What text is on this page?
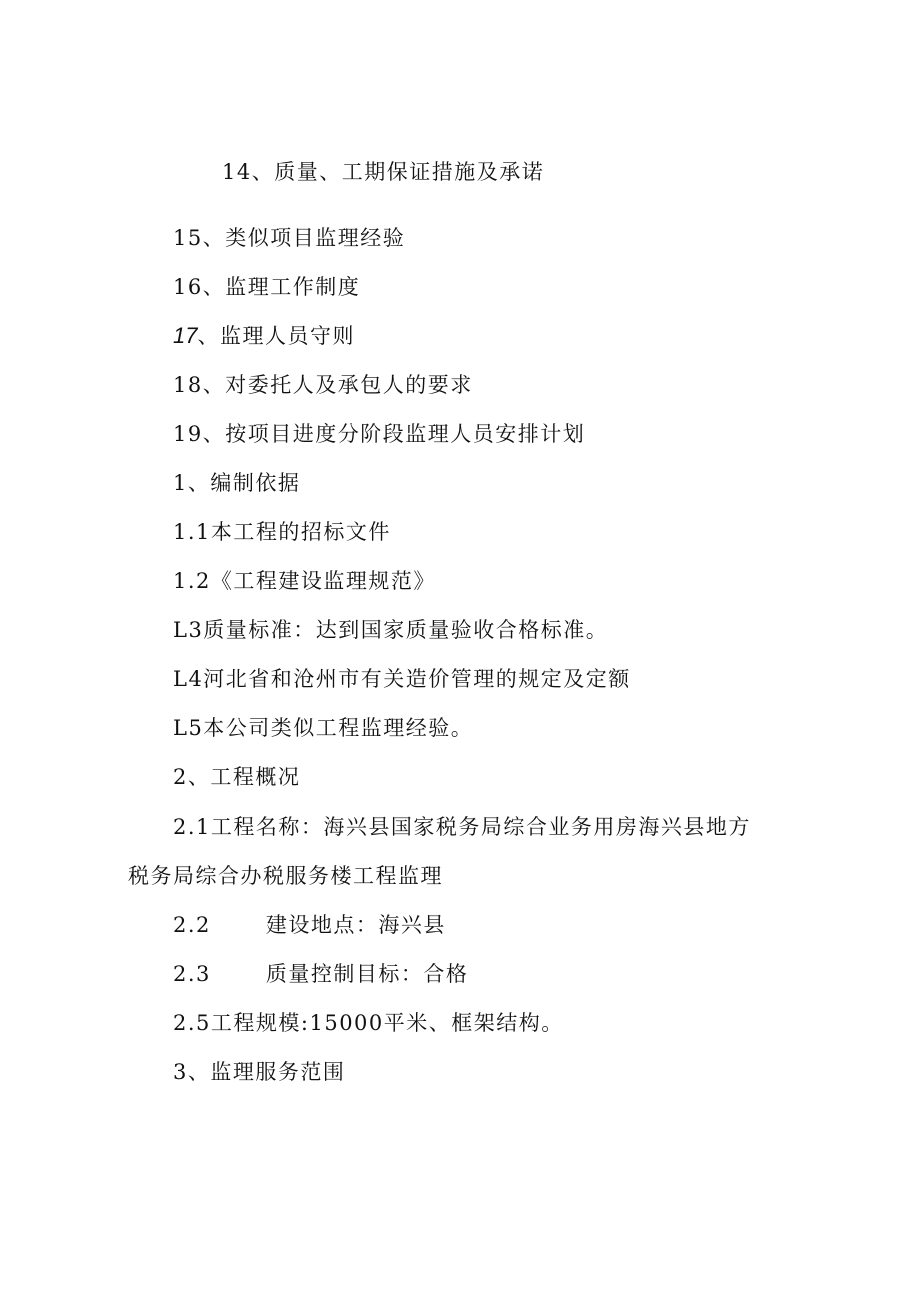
14、质量、工期保证措施及承诺
15、类似项目监理经验
16、监理工作制度
17、监理人员守则
18、对委托人及承包人的要求
19、按项目进度分阶段监理人员安排计划
1、编制依据
1.1本工程的招标文件
1.2《工程建设监理规范》
L3质量标准：达到国家质量验收合格标准。
L4河北省和沧州市有关造价管理的规定及定额
L5本公司类似工程监理经验。
2、工程概况
2.1工程名称：海兴县国家税务局综合业务用房海兴县地方
税务局综合办税服务楼工程监理
2.2	建设地点：海兴县
2.3	质量控制目标：合格
2.5工程规模:15000平米、框架结构。
3、监理服务范围
